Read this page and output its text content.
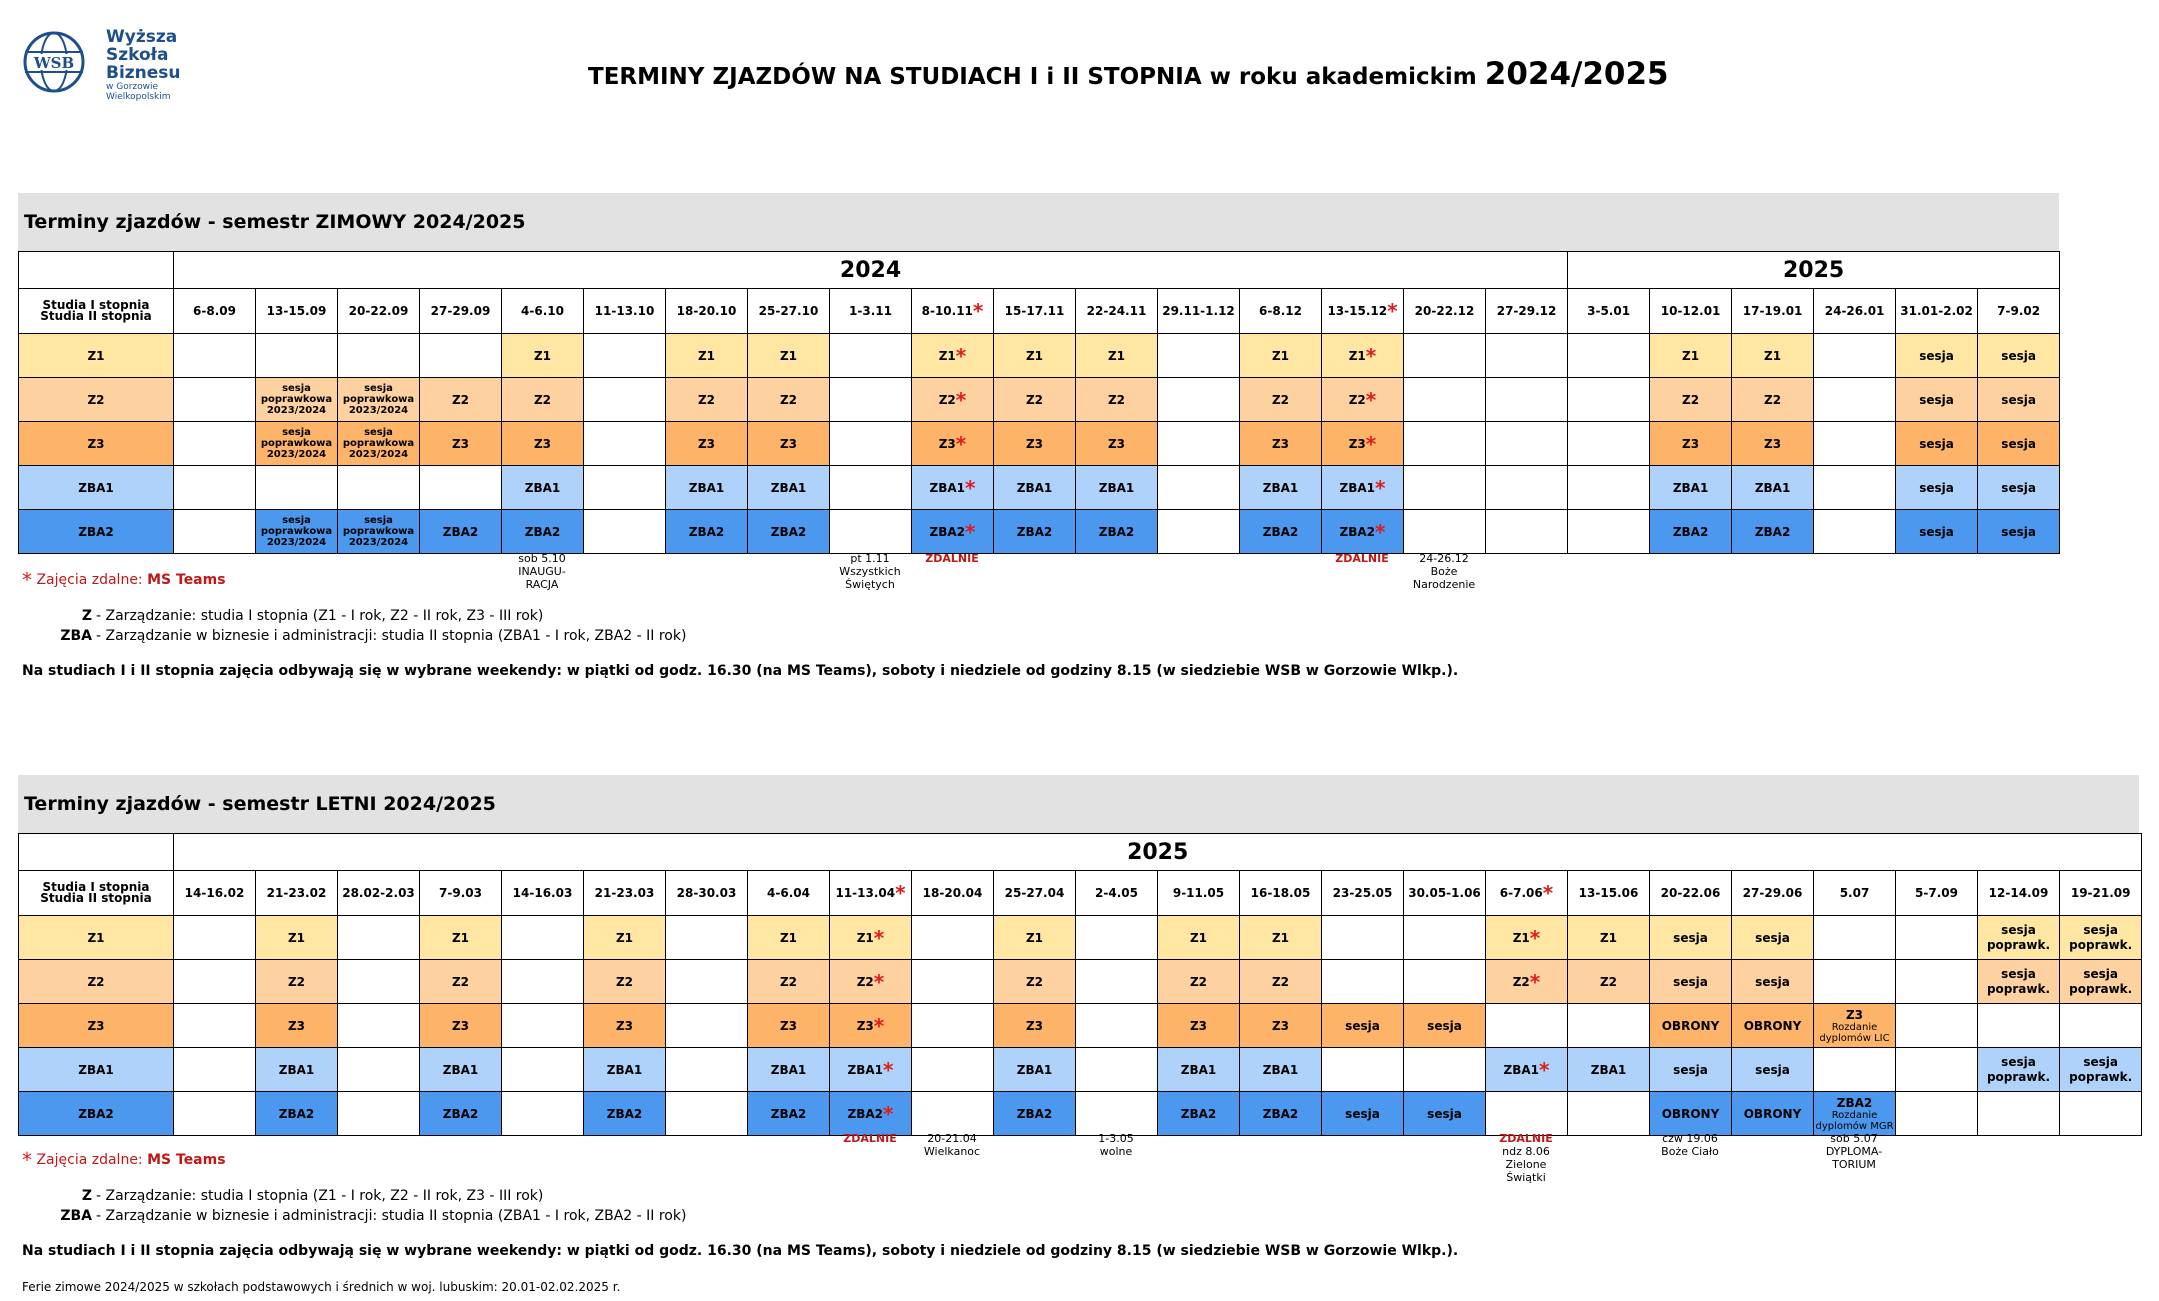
WSB
Wyższa
Szkoła
Biznesu
w Gorzowie Wielkopolskim
TERMINY ZJAZDÓW NA STUDIACH I i II STOPNIA w roku akademickim 2024/2025
Terminy zjazdów - semestr ZIMOWY 2024/2025
	2024																	2025					

Studia I stopnia
Studia II stopnia	6-8.09	13-15.09	20-22.09	27-29.09	4-6.10	11-13.10	18-20.10	25-27.10	1-3.11	8-10.11*	15-17.11	22-24.11	29.11-1.12	6-8.12	13-15.12*	20-22.12	27-29.12	3-5.01	10-12.01	17-19.01	24-26.01	31.01-2.02	7-9.02
Z1					Z1		Z1	Z1		Z1*	Z1	Z1		Z1	Z1*				Z1	Z1		sesja	sesja
Z2		sesja poprawkowa 2023/2024	sesja poprawkowa 2023/2024	Z2	Z2		Z2	Z2		Z2*	Z2	Z2		Z2	Z2*				Z2	Z2		sesja	sesja
Z3		sesja poprawkowa 2023/2024	sesja poprawkowa 2023/2024	Z3	Z3		Z3	Z3		Z3*	Z3	Z3		Z3	Z3*				Z3	Z3		sesja	sesja
ZBA1					ZBA1		ZBA1	ZBA1		ZBA1*	ZBA1	ZBA1		ZBA1	ZBA1*				ZBA1	ZBA1		sesja	sesja
ZBA2		sesja poprawkowa 2023/2024	sesja poprawkowa 2023/2024	ZBA2	ZBA2		ZBA2	ZBA2		ZBA2*	ZBA2	ZBA2		ZBA2	ZBA2*				ZBA2	ZBA2		sesja	sesja
sob 5.10
INAUGU-
RACJA
pt 1.11
Wszystkich
Świętych
ZDALNIE	ZDALNIE	24-26.12
Boże
Narodzenie
* Zajęcia zdalne: MS Teams
Z - Zarządzanie: studia I stopnia (Z1 - I rok, Z2 - II rok, Z3 - III rok)
ZBA - Zarządzanie w biznesie i administracji: studia II stopnia (ZBA1 - I rok, ZBA2 - II rok)
Na studiach I i II stopnia zajęcia odbywają się w wybrane weekendy: w piątki od godz. 16.30 (na MS Teams), soboty i niedziele od godziny 8.15 (w siedziebie WSB w Gorzowie Wlkp.).
Terminy zjazdów - semestr LETNI 2024/2025
	2025																							

Studia I stopnia
Studia II stopnia	14-16.02	21-23.02	28.02-2.03	7-9.03	14-16.03	21-23.03	28-30.03	4-6.04	11-13.04*	18-20.04	25-27.04	2-4.05	9-11.05	16-18.05	23-25.05	30.05-1.06	6-7.06*	13-15.06	20-22.06	27-29.06	5.07	5-7.09	12-14.09	19-21.09
Z1		Z1		Z1		Z1		Z1	Z1*		Z1		Z1	Z1			Z1*	Z1	sesja	sesja			sesja poprawk.	sesja poprawk.

Z2		Z2		Z2		Z2		Z2	Z2*		Z2		Z2	Z2			Z2*	Z2	sesja	sesja			sesja poprawk.	sesja poprawk.

Z3		Z3		Z3		Z3		Z3	Z3*		Z3		Z3	Z3	sesja	sesja			OBRONY	OBRONY	Z3
Rozdanie dyplomów LIC			

ZBA1		ZBA1		ZBA1		ZBA1		ZBA1	ZBA1*		ZBA1		ZBA1	ZBA1			ZBA1*	ZBA1	sesja	sesja			sesja poprawk.	sesja poprawk.

ZBA2		ZBA2		ZBA2		ZBA2		ZBA2	ZBA2*		ZBA2		ZBA2	ZBA2	sesja	sesja			OBRONY	OBRONY	ZBA2
Rozdanie dyplomów MGR			

ZDALNIE	20-21.04
Wielkanoc
1-3.05
wolne
ZDALNIE

ndz 8.06
Zielone
Świątki
czw 19.06
Boże Ciało
sob 5.07
DYPLOMA-
TORIUM
* Zajęcia zdalne: MS Teams
Z - Zarządzanie: studia I stopnia (Z1 - I rok, Z2 - II rok, Z3 - III rok)
ZBA - Zarządzanie w biznesie i administracji: studia II stopnia (ZBA1 - I rok, ZBA2 - II rok)
Na studiach I i II stopnia zajęcia odbywają się w wybrane weekendy: w piątki od godz. 16.30 (na MS Teams), soboty i niedziele od godziny 8.15 (w siedziebie WSB w Gorzowie Wlkp.).
Ferie zimowe 2024/2025 w szkołach podstawowych i średnich w woj. lubuskim: 20.01-02.02.2025 r.
